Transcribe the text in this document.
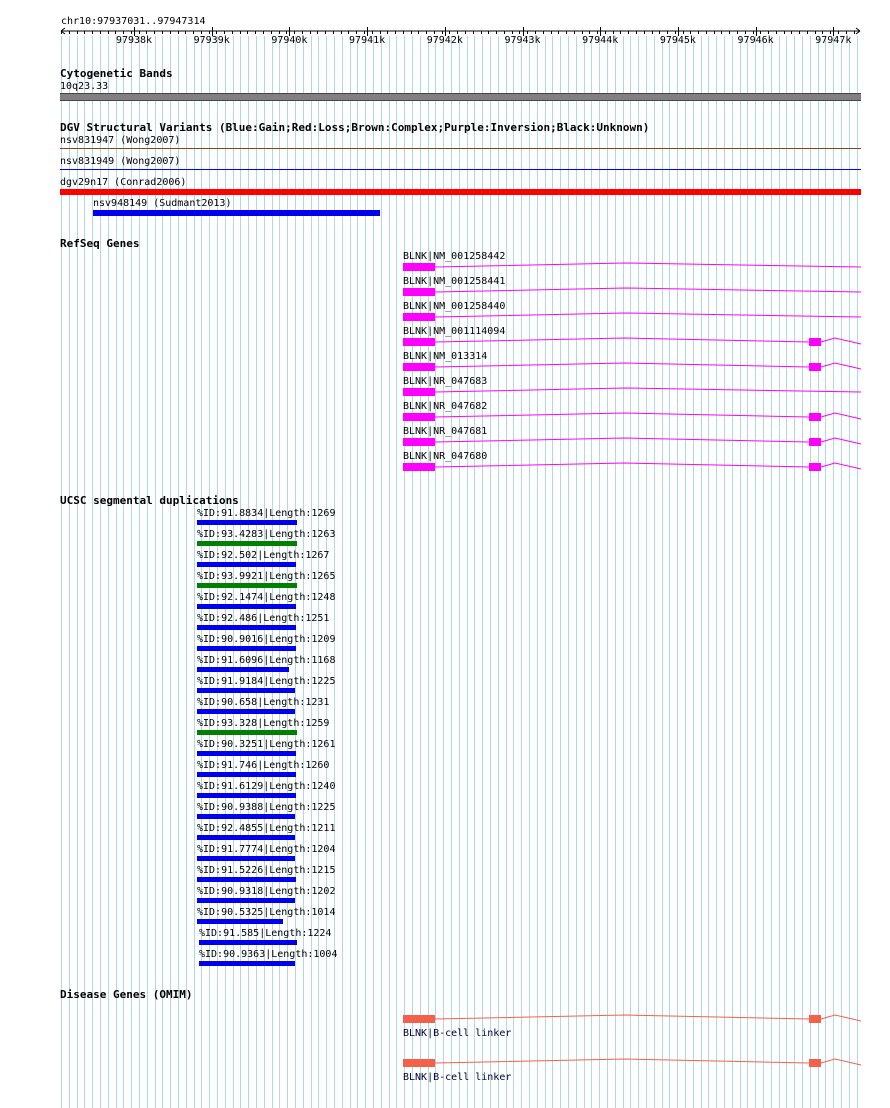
chr10:97937031..97947314
97938k	97939k	97940k	97941k	97942k	97943k	97944k	97945k	97946k	97947k
Cytogenetic Bands
10q23.33
DGV Structural Variants (Blue:Gain;Red:Loss;Brown:Complex;Purple:Inversion;Black:Unknown)
nsv831947 (Wong2007)
nsv831949 (Wong2007)
dgv29n17 (Conrad2006)
nsv948149 (Sudmant2013)
RefSeq Genes
BLNK|NM_001258442
BLNK|NM_001258441
BLNK|NM_001258440
BLNK|NM_001114094
BLNK|NM_013314
BLNK|NR_047683
BLNK|NR_047682
BLNK|NR_047681
BLNK|NR_047680
UCSC segmental duplications
%ID:91.8834|Length:1269
%ID:93.4283|Length:1263
%ID:92.502|Length:1267
%ID:93.9921|Length:1265
%ID:92.1474|Length:1248
%ID:92.486|Length:1251
%ID:90.9016|Length:1209
%ID:91.6096|Length:1168
%ID:91.9184|Length:1225
%ID:90.658|Length:1231
%ID:93.328|Length:1259
%ID:90.3251|Length:1261
%ID:91.746|Length:1260
%ID:91.6129|Length:1240
%ID:90.9388|Length:1225
%ID:92.4855|Length:1211
%ID:91.7774|Length:1204
%ID:91.5226|Length:1215
%ID:90.9318|Length:1202
%ID:90.5325|Length:1014
%ID:91.585|Length:1224
%ID:90.9363|Length:1004
Disease Genes (OMIM)
BLNK|B-cell linker
BLNK|B-cell linker
